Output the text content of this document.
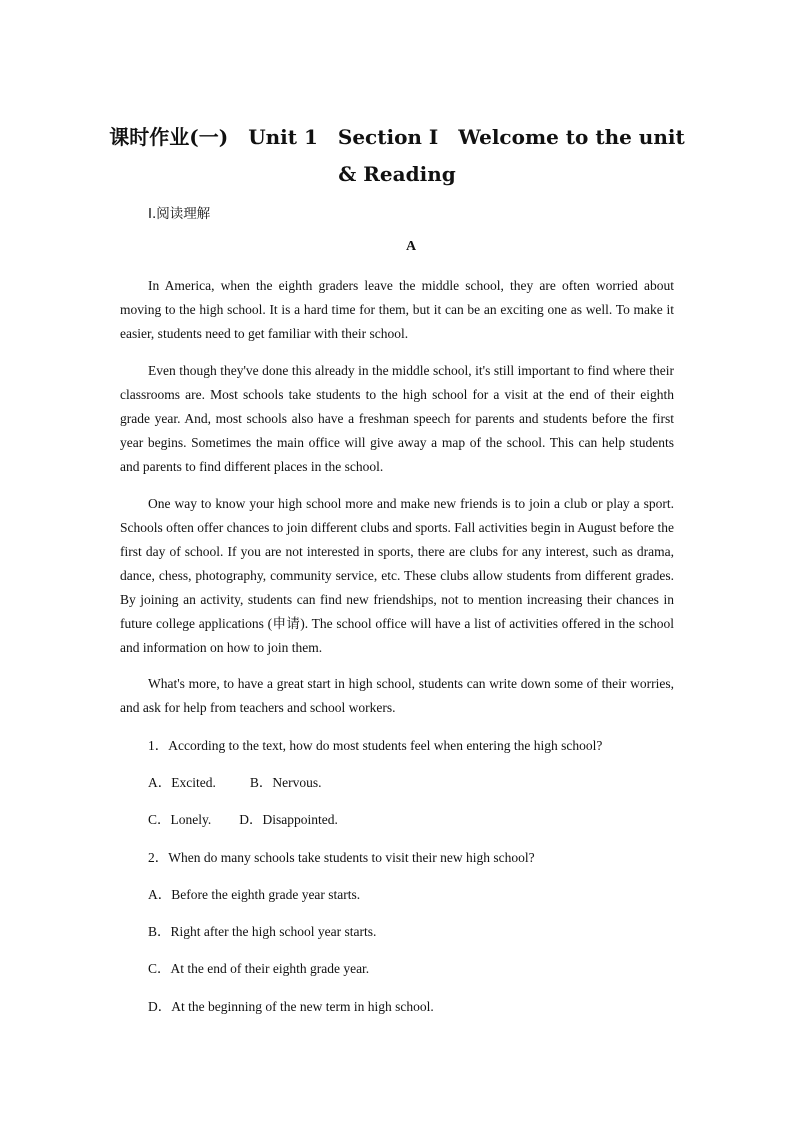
课时作业(一)　Unit 1　Section Ⅰ　Welcome to the unit
& Reading
Ⅰ.阅读理解
A

In America, when the eighth graders leave the middle school, they are often worried about moving to the high school. It is a hard time for them, but it can be an exciting one as well. To make it easier, students need to get familiar with their school.

Even though they've done this already in the middle school, it's still important to find where their classrooms are. Most schools take students to the high school for a visit at the end of their eighth grade year. And, most schools also have a freshman speech for parents and students before the first year begins. Sometimes the main office will give away a map of the school. This can help students and parents to find different places in the school.

One way to know your high school more and make new friends is to join a club or play a sport. Schools often offer chances to join different clubs and sports. Fall activities begin in August before the first day of school. If you are not interested in sports, there are clubs for any interest, such as drama, dance, chess, photography, community service, etc. These clubs allow students from different grades. By joining an activity, students can find new friendships, not to mention increasing their chances in future college applications (申请). The school office will have a list of activities offered in the school and information on how to join them.

What's more, to have a great start in high school, students can write down some of their worries, and ask for help from teachers and school workers.

1．According to the text, how do most students feel when entering the high school?
A．Excited.	B．Nervous.
C．Lonely. D．Disappointed.
2．When do many schools take students to visit their new high school?
A．Before the eighth grade year starts.
B．Right after the high school year starts.
C．At the end of their eighth grade year.
D．At the beginning of the new term in high school.
